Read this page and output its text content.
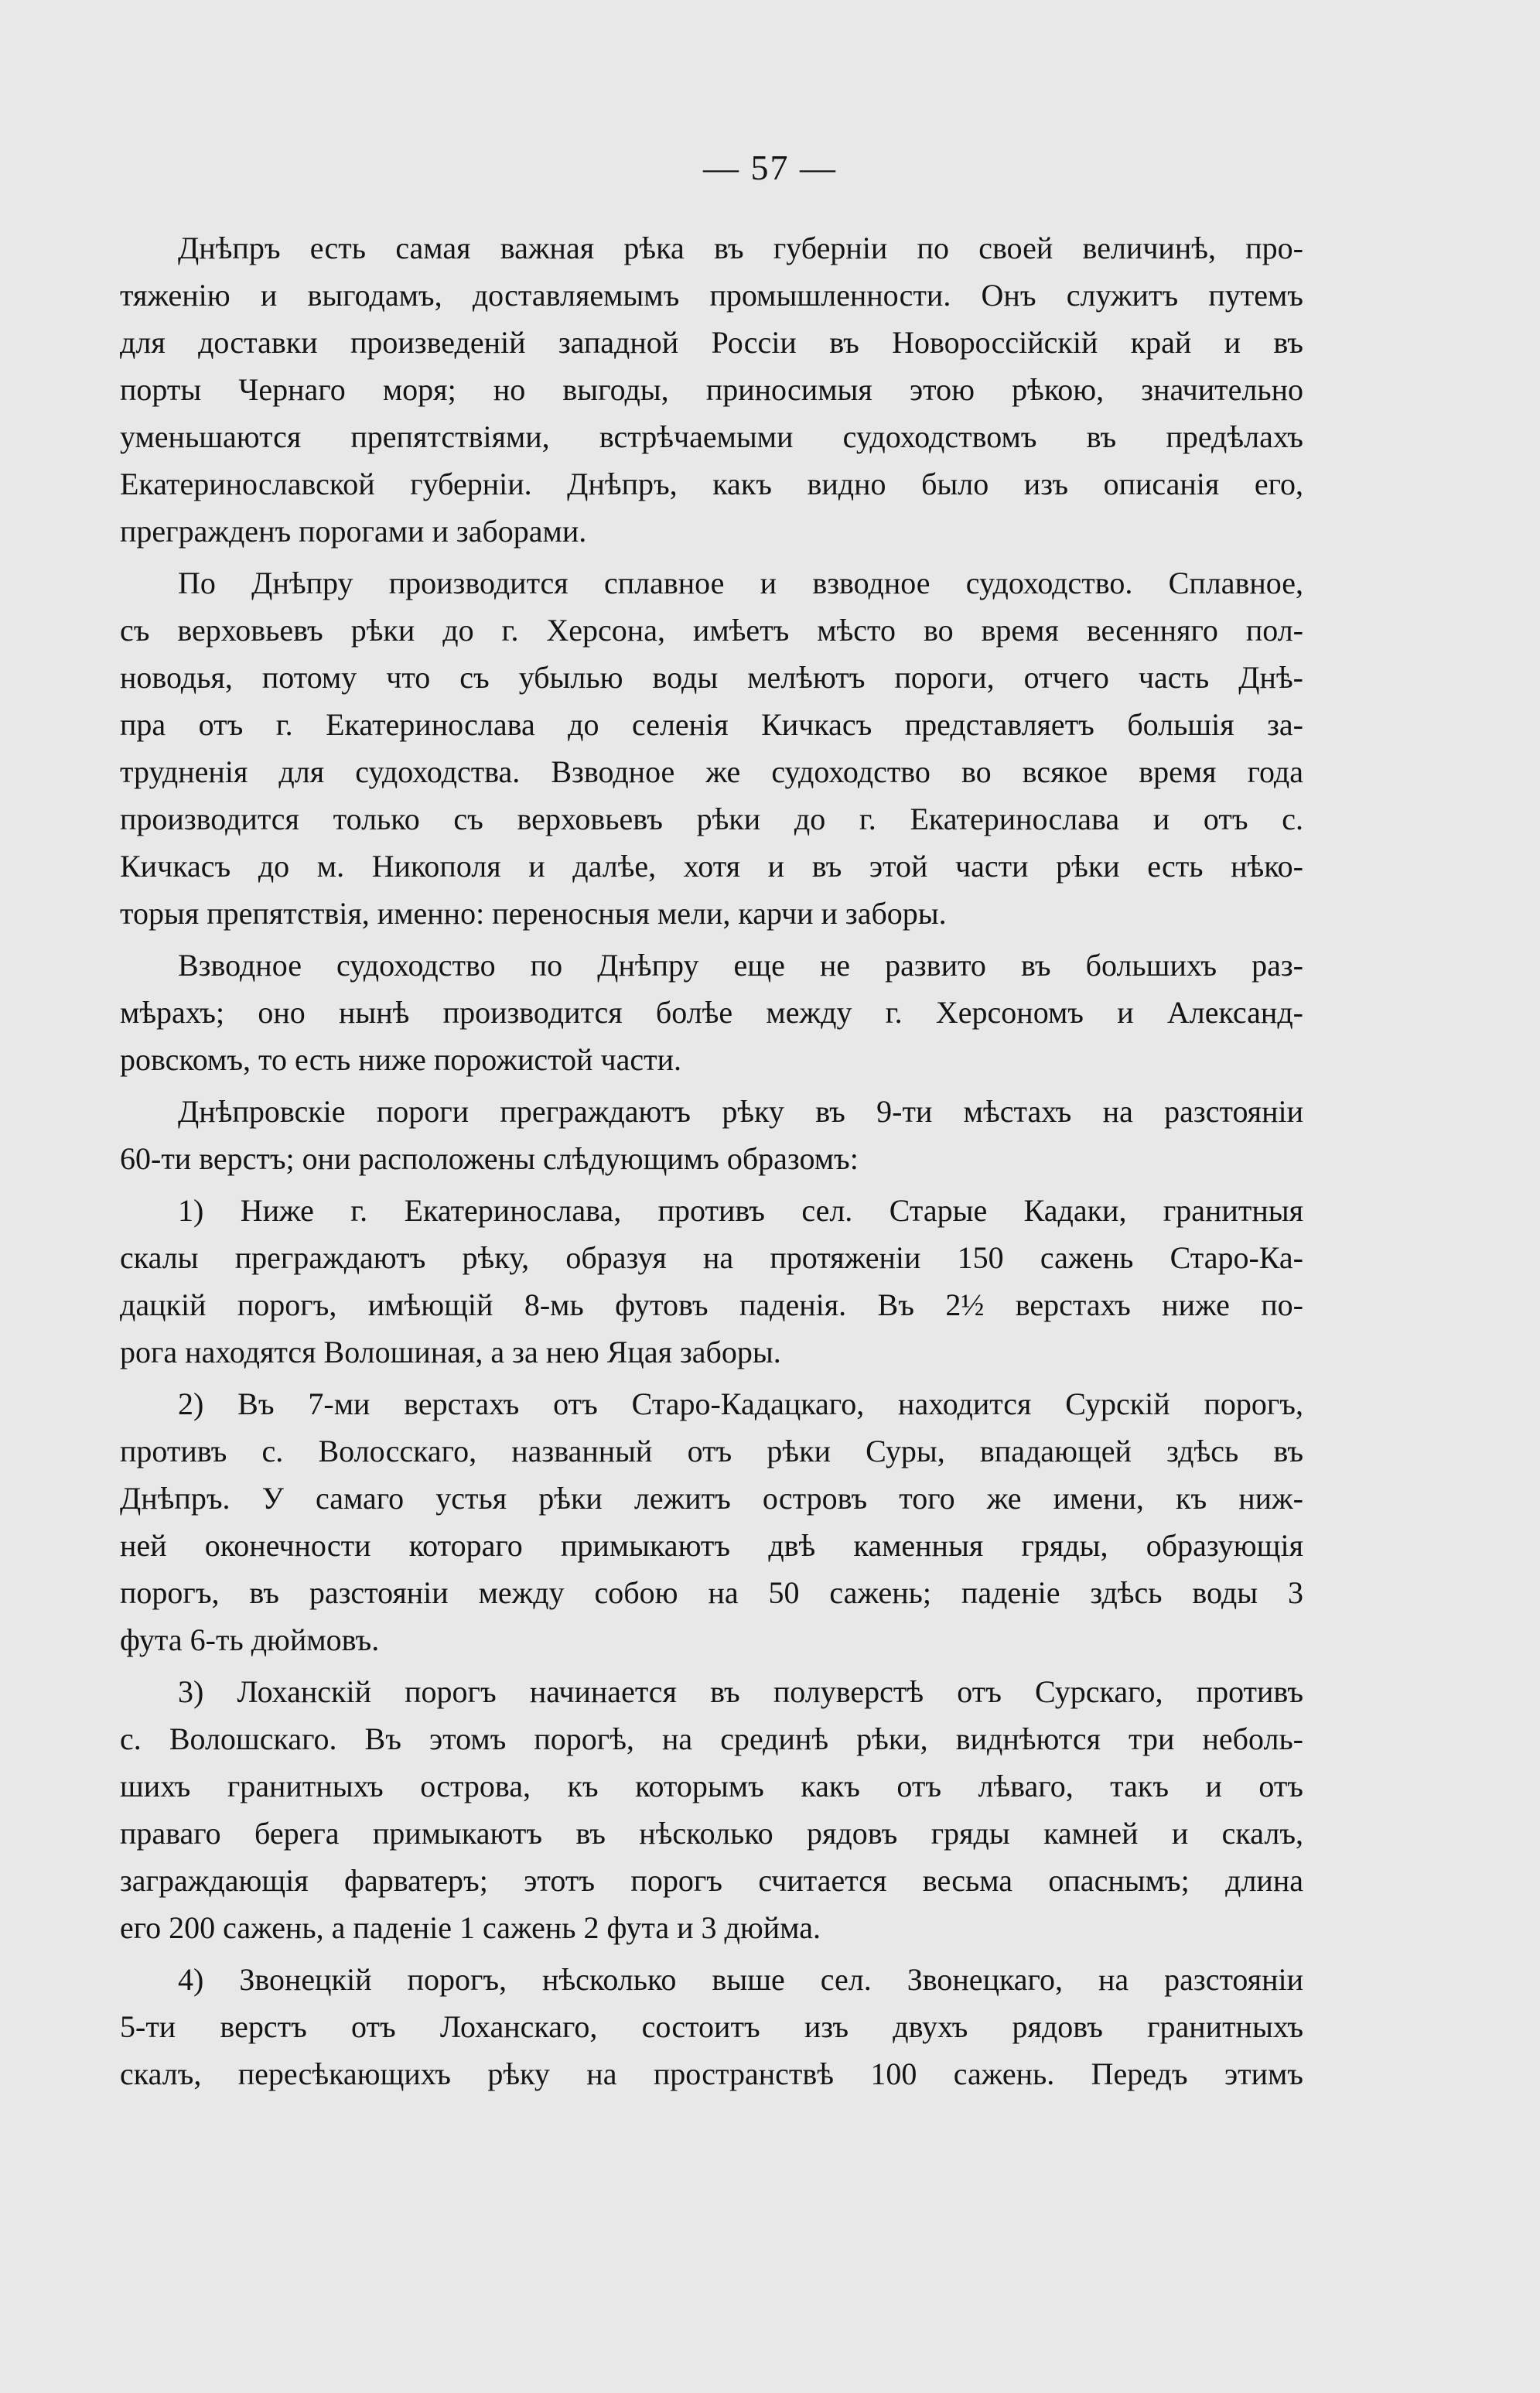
— 57 —
Днѣпръ есть самая важная рѣка въ губерніи по своей величинѣ, про-
тяженію и выгодамъ, доставляемымъ промышленности. Онъ служитъ путемъ
для доставки произведеній западной Россіи въ Новороссійскій край и въ
порты Чернаго моря; но выгоды, приносимыя этою рѣкою, значительно
уменьшаются препятствіями, встрѣчаемыми судоходствомъ въ предѣлахъ
Екатеринославской губерніи. Днѣпръ, какъ видно было изъ описанія его,
прегражденъ порогами и заборами.
По Днѣпру производится сплавное и взводное судоходство. Сплавное,
съ верховьевъ рѣки до г. Херсона, имѣетъ мѣсто во время весенняго пол-
новодья, потому что съ убылью воды мелѣютъ пороги, отчего часть Днѣ-
пра отъ г. Екатеринослава до селенія Кичкасъ представляетъ большія за-
трудненія для судоходства. Взводное же судоходство во всякое время года
производится только съ верховьевъ рѣки до г. Екатеринослава и отъ с.
Кичкасъ до м. Никополя и далѣе, хотя и въ этой части рѣки есть нѣко-
торыя препятствія, именно: переносныя мели, карчи и заборы.
Взводное судоходство по Днѣпру еще не развито въ большихъ раз-
мѣрахъ; оно нынѣ производится болѣе между г. Херсономъ и Александ-
ровскомъ, то есть ниже порожистой части.
Днѣпровскіе пороги преграждаютъ рѣку въ 9-ти мѣстахъ на разстояніи
60-ти верстъ; они расположены слѣдующимъ образомъ:
1) Ниже г. Екатеринослава, противъ сел. Старые Кадаки, гранитныя
скалы преграждаютъ рѣку, образуя на протяженіи 150 сажень Старо-Ка-
дацкій порогъ, имѣющій 8-мь футовъ паденія. Въ 2½ верстахъ ниже по-
рога находятся Волошиная, а за нею Яцая заборы.
2) Въ 7-ми верстахъ отъ Старо-Кадацкаго, находится Сурскій порогъ,
противъ с. Волосскаго, названный отъ рѣки Суры, впадающей здѣсь въ
Днѣпръ. У самаго устья рѣки лежитъ островъ того же имени, къ ниж-
ней оконечности котораго примыкаютъ двѣ каменныя гряды, образующія
порогъ, въ разстояніи между собою на 50 сажень; паденіе здѣсь воды 3
фута 6-ть дюймовъ.
3) Лоханскій порогъ начинается въ полуверстѣ отъ Сурскаго, противъ
с. Волошскаго. Въ этомъ порогѣ, на срединѣ рѣки, виднѣются три неболь-
шихъ гранитныхъ острова, къ которымъ какъ отъ лѣваго, такъ и отъ
праваго берега примыкаютъ въ нѣсколько рядовъ гряды камней и скалъ,
заграждающія фарватеръ; этотъ порогъ считается весьма опаснымъ; длина
его 200 сажень, а паденіе 1 сажень 2 фута и 3 дюйма.
4) Звонецкій порогъ, нѣсколько выше сел. Звонецкаго, на разстояніи
5-ти верстъ отъ Лоханскаго, состоитъ изъ двухъ рядовъ гранитныхъ
скалъ, пересѣкающихъ рѣку на пространствѣ 100 сажень. Передъ этимъ
